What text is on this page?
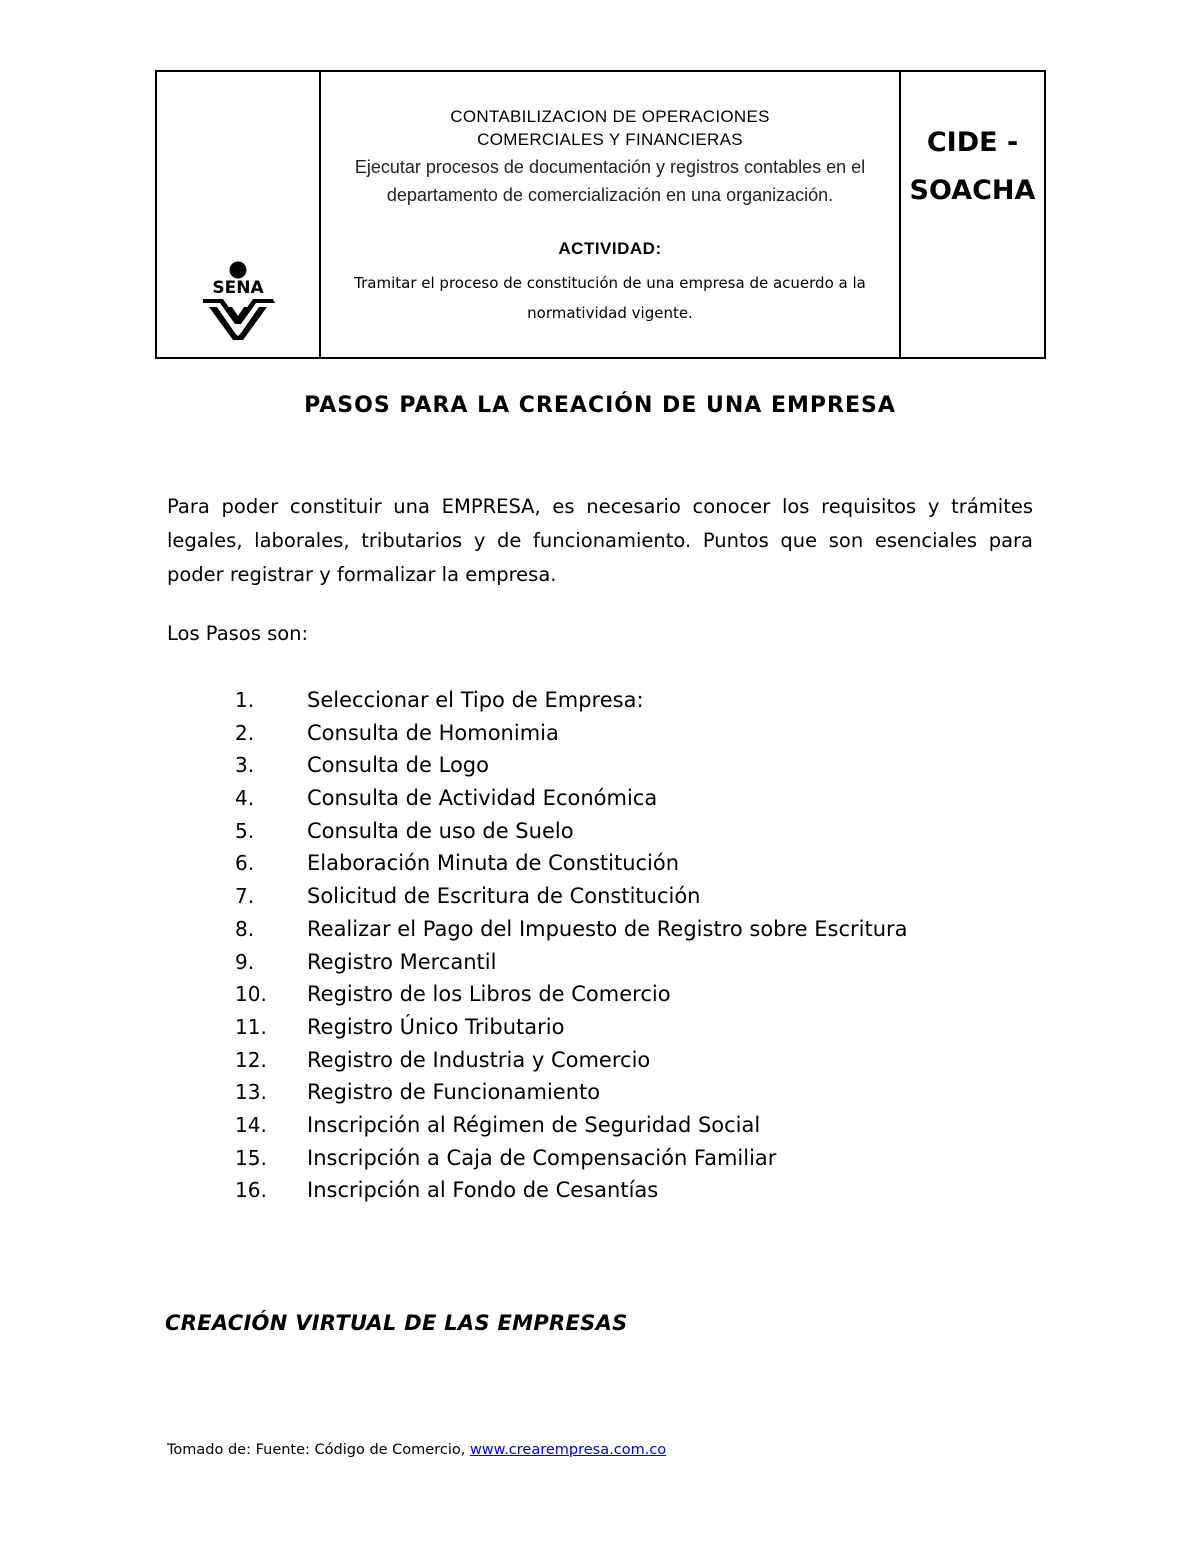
SENA
CONTABILIZACION DE OPERACIONES
COMERCIALES Y FINANCIERAS
Ejecutar procesos de documentación y registros contables en el departamento de comercialización en una organización.
ACTIVIDAD:
Tramitar el proceso de constitución de una empresa de acuerdo a la normatividad vigente.
CIDE -
SOACHA
PASOS PARA LA CREACIÓN DE UNA EMPRESA
Para poder constituir una EMPRESA, es necesario conocer los requisitos y trámites legales, laborales, tributarios y de funcionamiento. Puntos que son esenciales para poder registrar y formalizar la empresa.
Los Pasos son:
1.	Seleccionar el Tipo de Empresa:
2.	Consulta de Homonimia
3.	Consulta de Logo
4.	Consulta de Actividad Económica
5.	Consulta de uso de Suelo
6.	Elaboración Minuta de Constitución
7.	Solicitud de Escritura de Constitución
8.	Realizar el Pago del Impuesto de Registro sobre Escritura
9.	Registro Mercantil
10.	Registro de los Libros de Comercio
11.	Registro Único Tributario
12.	Registro de Industria y Comercio
13.	Registro de Funcionamiento
14.	Inscripción al Régimen de Seguridad Social
15.	Inscripción a Caja de Compensación Familiar
16.	Inscripción al Fondo de Cesantías
CREACIÓN VIRTUAL DE LAS EMPRESAS
Tomado de: Fuente: Código de Comercio, www.crearempresa.com.co
